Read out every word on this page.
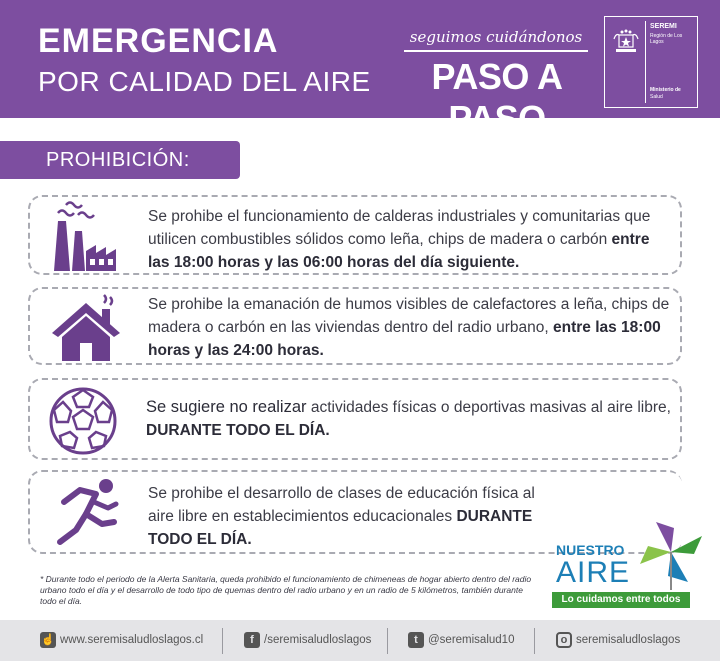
EMERGENCIA
POR CALIDAD DEL AIRE
seguimos cuidándonos
PASO A PASO
SEREMI
Región de Los Lagos
Ministerio de
Salud
PROHIBICIÓN:
Se prohibe el funcionamiento de calderas industriales y comunitarias que utilicen combustibles sólidos como leña, chips de madera o carbón entre las 18:00 horas y las 06:00 horas del día siguiente.
Se prohibe la emanación de humos visibles de calefactores a leña, chips de madera o carbón en las viviendas dentro del radio urbano, entre las 18:00 horas y las 24:00 horas.
Se sugiere no realizar actividades físicas o deportivas masivas al aire libre, DURANTE TODO EL DÍA.
Se prohibe el desarrollo de clases de educación física al aire libre en establecimientos educacionales DURANTE TODO EL DÍA.
* Durante todo el periodo de la Alerta Sanitaria, queda prohibido el funcionamiento de chimeneas de hogar abierto dentro del radio urbano todo el día y el desarrollo de todo tipo de quemas dentro del radio urbano y en un radio de 5 kilómetros, también durante todo el día.
NUESTRO
AIRE
Lo cuidamos entre todos
☝ www.seremisaludloslagos.cl	f /seremisaludloslagos	t @seremisalud10	o seremisaludloslagos
